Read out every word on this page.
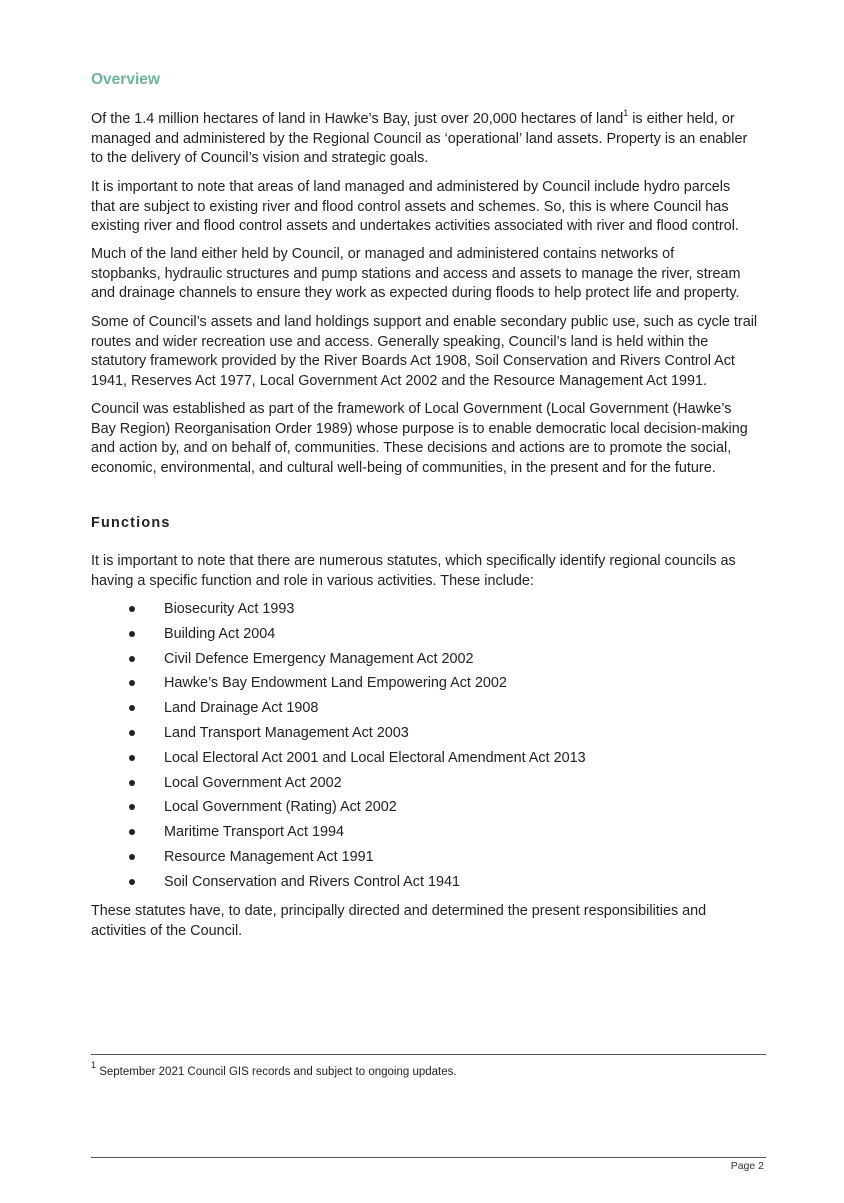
Overview

Of the 1.4 million hectares of land in Hawke’s Bay, just over 20,000 hectares of land$^1$ is either held, or
managed and administered by the Regional Council as ‘operational’ land assets. Property is an enabler
to the delivery of Council’s vision and strategic goals.

It is important to note that areas of land managed and administered by Council include hydro parcels
that are subject to existing river and flood control assets and schemes. So, this is where Council has
existing river and flood control assets and undertakes activities associated with river and flood control.

Much of the land either held by Council, or managed and administered contains networks of
stopbanks, hydraulic structures and pump stations and access and assets to manage the river, stream
and drainage channels to ensure they work as expected during floods to help protect life and property.

Some of Council’s assets and land holdings support and enable secondary public use, such as cycle trail
routes and wider recreation use and access. Generally speaking, Council’s land is held within the
statutory framework provided by the River Boards Act 1908, Soil Conservation and Rivers Control Act
1941, Reserves Act 1977, Local Government Act 2002 and the Resource Management Act 1991.

Council was established as part of the framework of Local Government (Local Government (Hawke’s
Bay Region) Reorganisation Order 1989) whose purpose is to enable democratic local decision-making
and action by, and on behalf of, communities. These decisions and actions are to promote the social,
economic, environmental, and cultural well-being of communities, in the present and for the future.

Functions

It is important to note that there are numerous statutes, which specifically identify regional councils as
having a specific function and role in various activities. These include:

Biosecurity Act 1993
Building Act 2004
Civil Defence Emergency Management Act 2002
Hawke’s Bay Endowment Land Empowering Act 2002
Land Drainage Act 1908
Land Transport Management Act 2003
Local Electoral Act 2001 and Local Electoral Amendment Act 2013
Local Government Act 2002
Local Government (Rating) Act 2002
Maritime Transport Act 1994
Resource Management Act 1991
Soil Conservation and Rivers Control Act 1941

These statutes have, to date, principally directed and determined the present responsibilities and
activities of the Council.

$^1$ September 2021 Council GIS records and subject to ongoing updates.
Page 2
